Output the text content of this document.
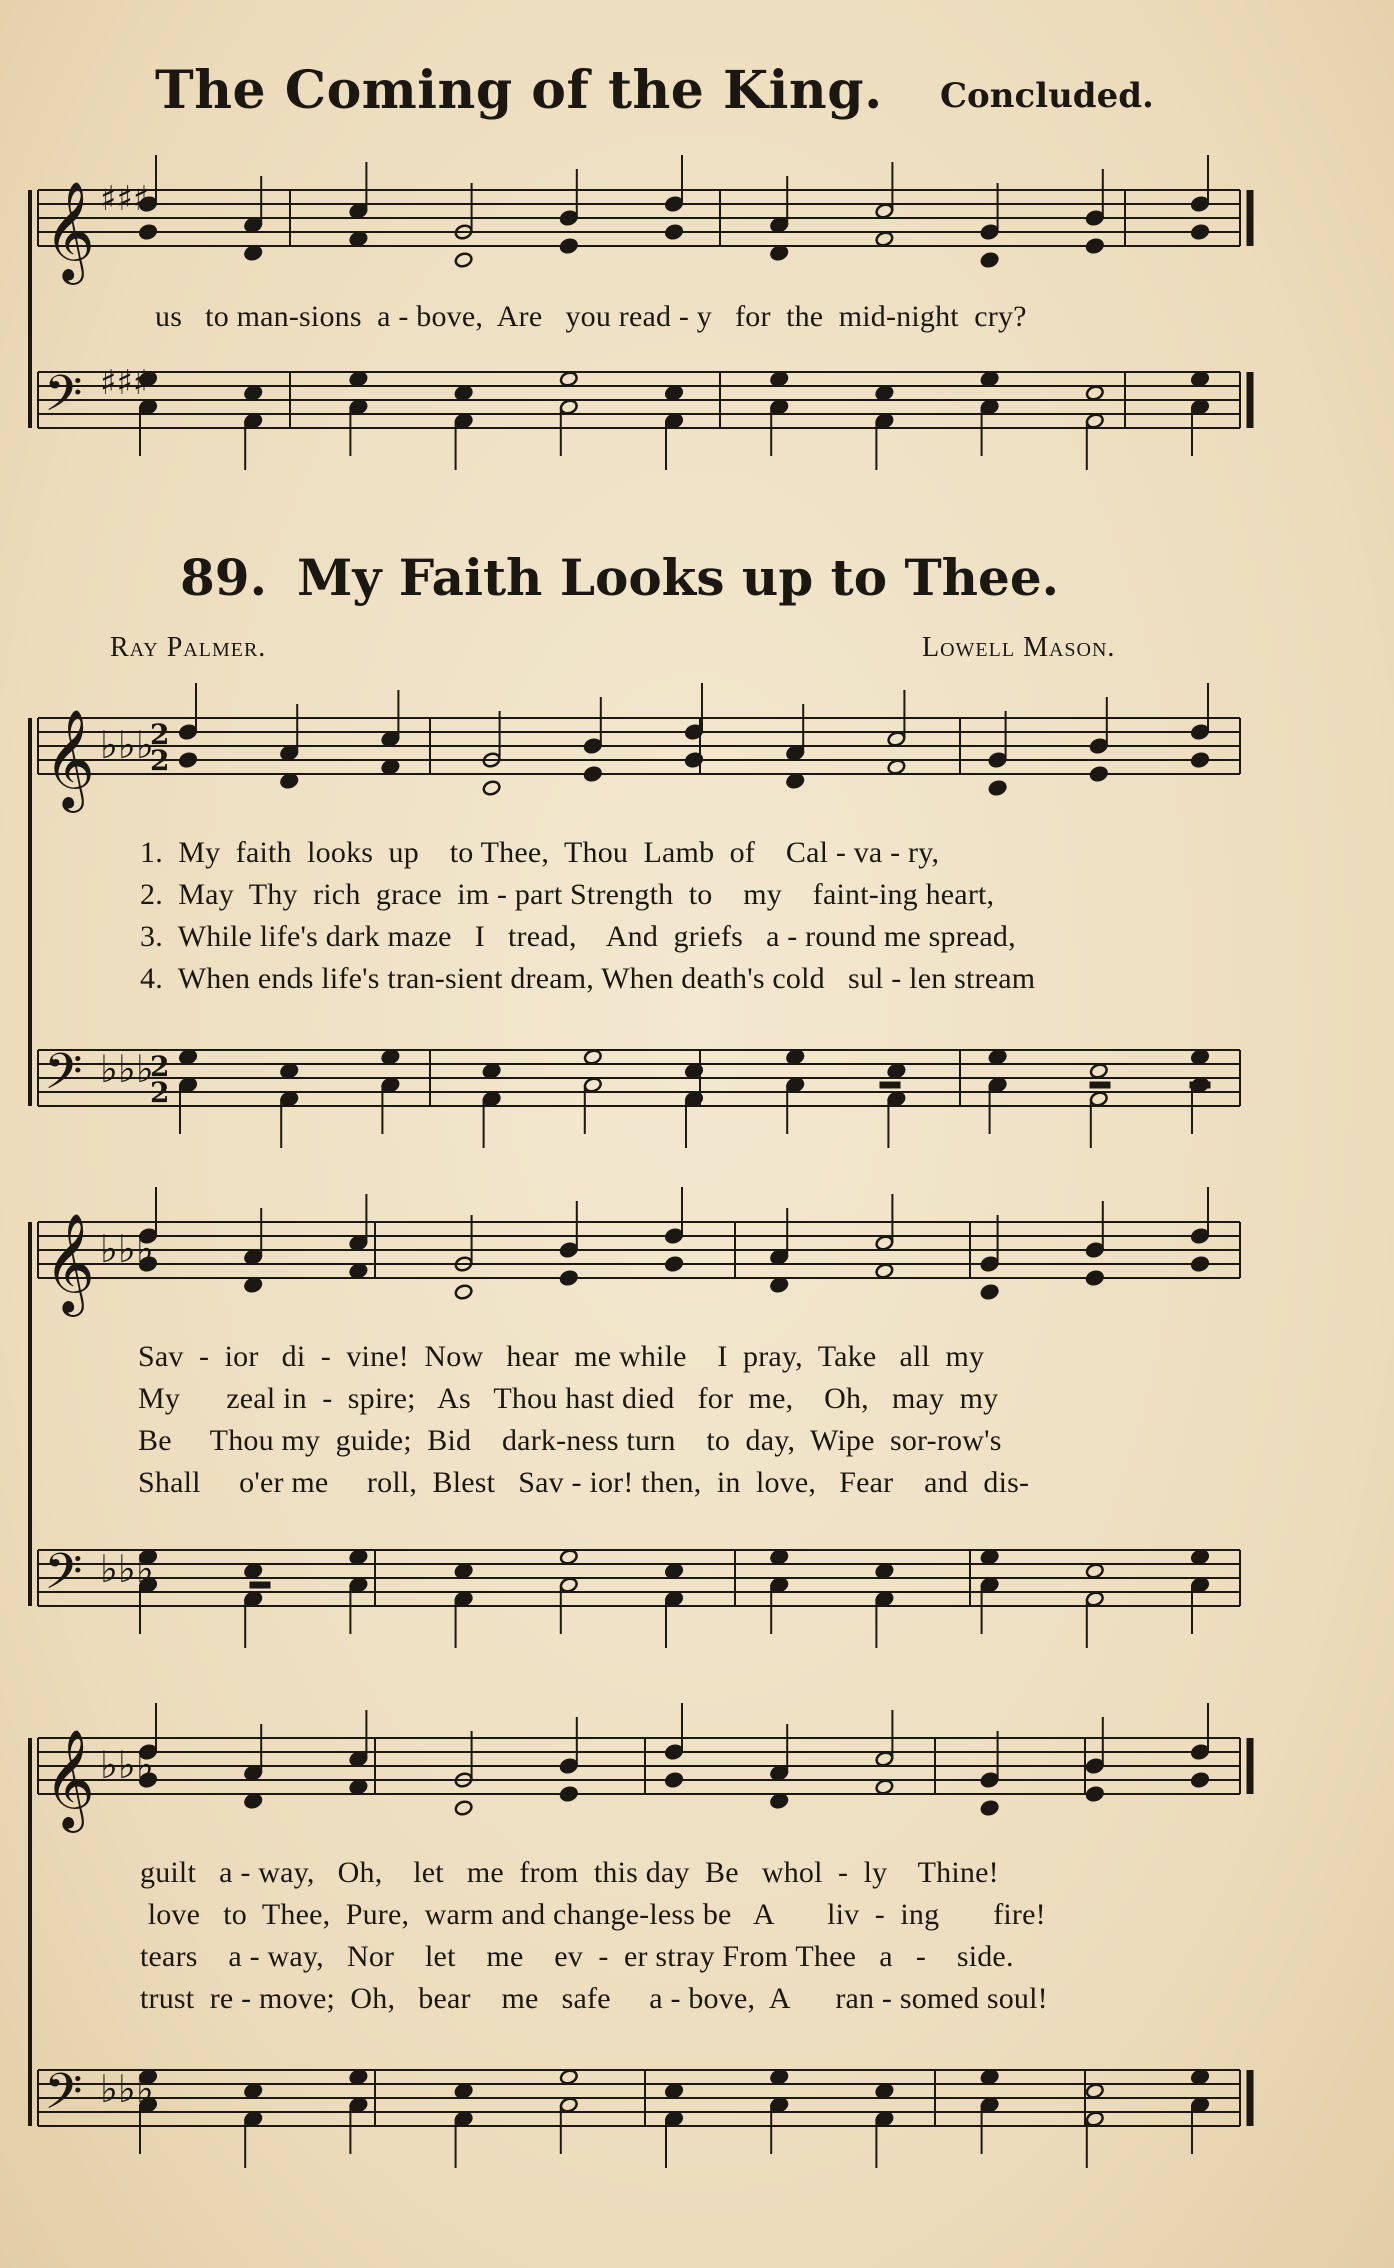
The Coming of the King. Concluded.
89. My Faith Looks up to Thee.
Ray Palmer.	Lowell Mason.
us   to man-sions  a - bove,  Are   you read - y   for  the  mid-night  cry?
1.  My  faith  looks  up    to Thee,  Thou  Lamb  of    Cal - va - ry,
2.  May  Thy  rich  grace  im - part Strength  to    my    faint-ing heart,
3.  While life's dark maze   I   tread,    And  griefs   a - round me spread,
4.  When ends life's tran-sient dream, When death's cold   sul - len stream
Sav  -  ior   di  -  vine!  Now   hear  me while    I  pray,  Take   all  my
My      zeal in  -  spire;   As   Thou hast died   for  me,    Oh,   may  my
Be     Thou my  guide;  Bid    dark-ness turn    to  day,  Wipe  sor-row's
Shall     o'er me     roll,  Blest   Sav - ior! then,  in  love,   Fear    and  dis-
guilt   a - way,   Oh,    let   me  from  this day  Be   whol  -  ly    Thine!
love   to  Thee,  Pure,  warm and change-less be   A       liv  -  ing       fire!
tears    a - way,   Nor    let    me    ev  -  er stray From Thee   a   -    side.
trust  re - move;  Oh,   bear    me   safe     a - bove,  A      ran - somed soul!
𝄞
𝄢
𝄞
𝄢
𝄞
𝄢
𝄞
𝄢
♯♯♯
♯♯♯
♭♭♭
♭♭♭
♭♭♭
♭♭♭
♭♭♭
♭♭♭
2
2
2
2
